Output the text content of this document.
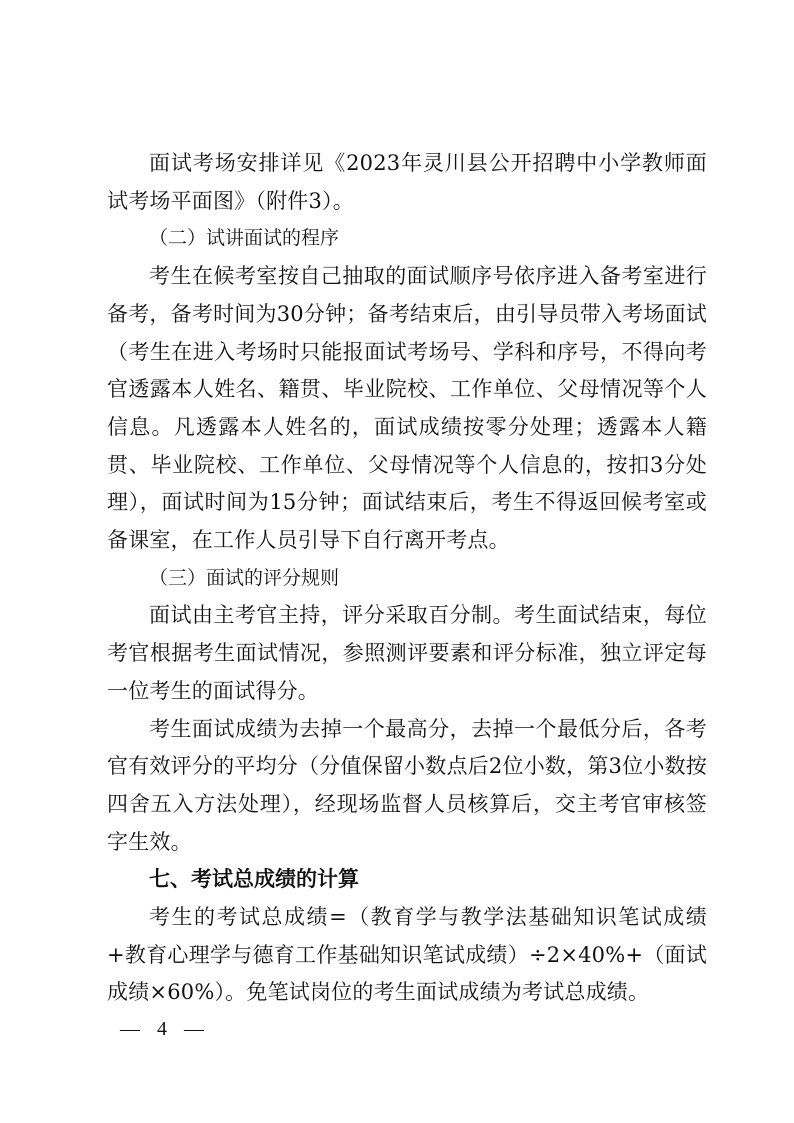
面试考场安排详见《2023年灵川县公开招聘中小学教师面试考场平面图》（附件3）。

（二）试讲面试的程序

考生在候考室按自己抽取的面试顺序号依序进入备考室进行备考，备考时间为30分钟；备考结束后，由引导员带入考场面试（考生在进入考场时只能报面试考场号、学科和序号，不得向考官透露本人姓名、籍贯、毕业院校、工作单位、父母情况等个人信息。凡透露本人姓名的，面试成绩按零分处理；透露本人籍贯、毕业院校、工作单位、父母情况等个人信息的，按扣3分处理），面试时间为15分钟；面试结束后，考生不得返回候考室或备课室，在工作人员引导下自行离开考点。

（三）面试的评分规则

面试由主考官主持，评分采取百分制。考生面试结束，每位考官根据考生面试情况，参照测评要素和评分标准，独立评定每一位考生的面试得分。

考生面试成绩为去掉一个最高分，去掉一个最低分后，各考官有效评分的平均分（分值保留小数点后2位小数，第3位小数按四舍五入方法处理），经现场监督人员核算后，交主考官审核签字生效。

七、考试总成绩的计算

考生的考试总成绩=（教育学与教学法基础知识笔试成绩+教育心理学与德育工作基础知识笔试成绩）÷2×40%+（面试成绩×60%）。免笔试岗位的考生面试成绩为考试总成绩。

— 4 —
